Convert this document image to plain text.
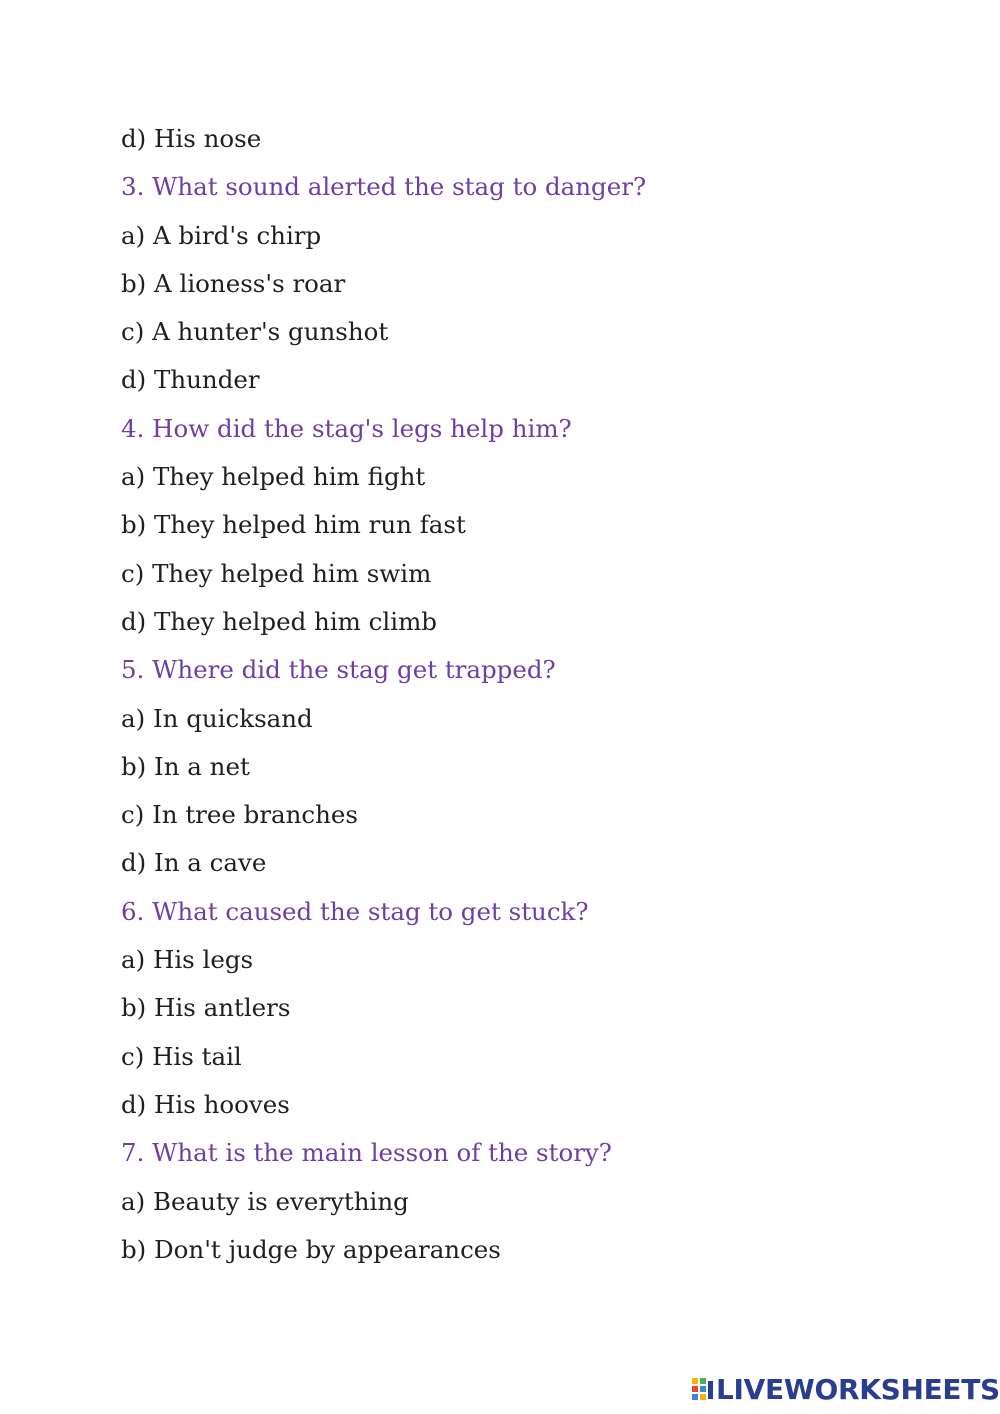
d) His nose
3. What sound alerted the stag to danger?
a) A bird's chirp
b) A lioness's roar
c) A hunter's gunshot
d) Thunder
4. How did the stag's legs help him?
a) They helped him fight
b) They helped him run fast
c) They helped him swim
d) They helped him climb
5. Where did the stag get trapped?
a) In quicksand
b) In a net
c) In tree branches
d) In a cave
6. What caused the stag to get stuck?
a) His legs
b) His antlers
c) His tail
d) His hooves
7. What is the main lesson of the story?
a) Beauty is everything
b) Don't judge by appearances
LIVEWORKSHEETS
